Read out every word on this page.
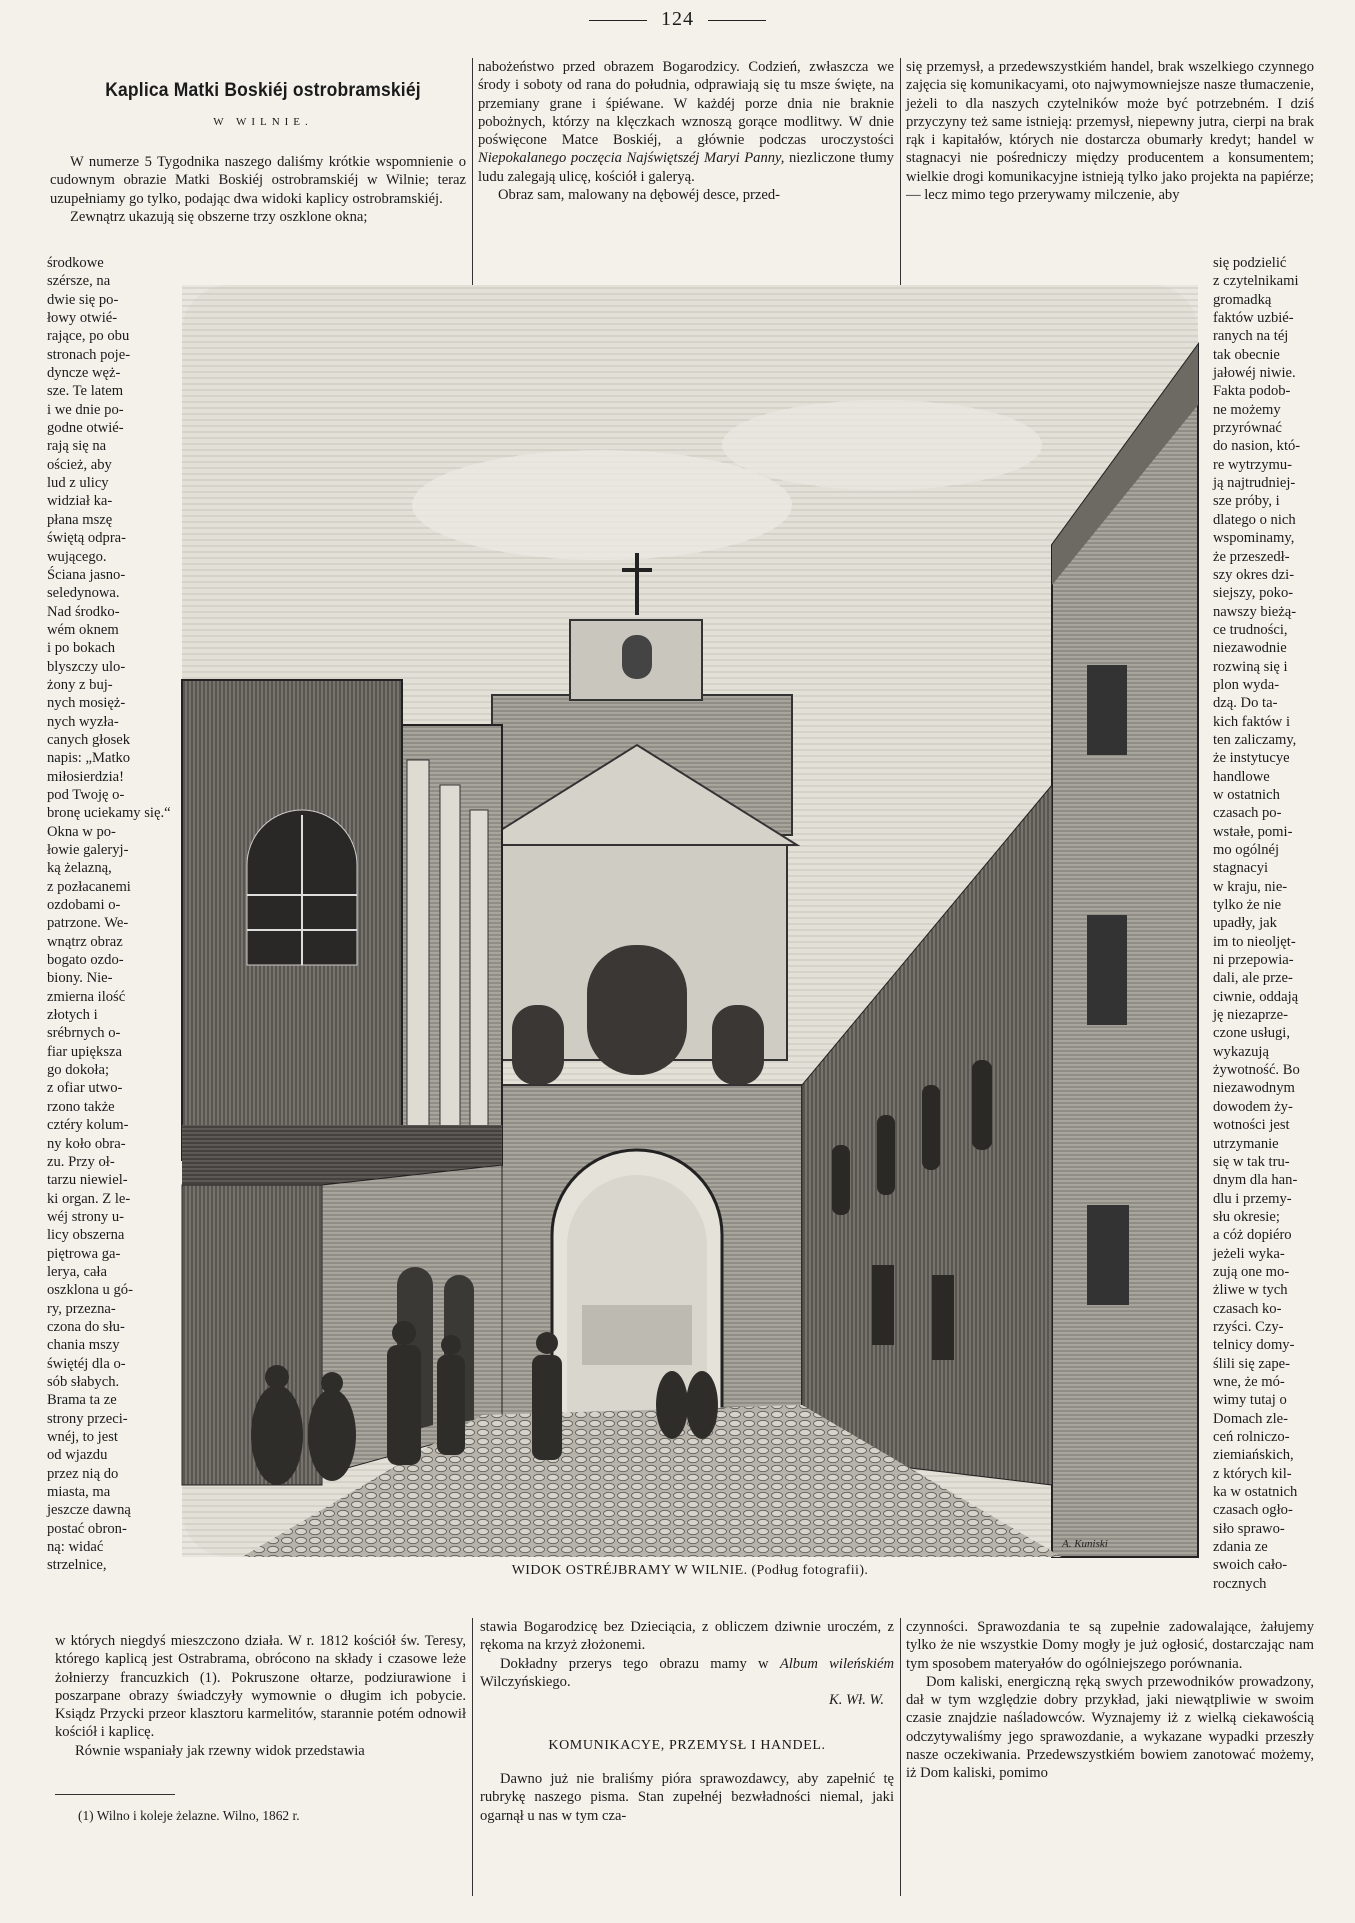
124
Kaplica Matki Boskiéj ostrobramskiéj
W WILNIE.

W numerze 5 Tygodnika naszego daliśmy krótkie wspomnienie o cudownym obrazie Matki Boskiéj ostrobramskiéj w Wilnie; teraz uzupełniamy go tylko, podając dwa widoki kaplicy ostrobramskiéj.

Zewnątrz ukazują się obszerne trzy oszklone okna;

środkowe
szérsze, na
dwie się po-
łowy otwié-
rające, po obu
stronach poje-
dyncze węż-
sze. Te latem
i we dnie po-
godne otwié-
rają się na
oścież, aby
lud z ulicy
widział ka-
płana mszę
świętą odpra-
wującego.
Ściana jasno-
seledynowa.
Nad środko-
wém oknem
i po bokach
blyszczy ulo-
żony z buj-
nych mosięż-
nych wyzła-
canych głosek
napis: „Matko
miłosierdzia!
pod Twoję o-
bronę uciekamy się.“
Okna w po-
łowie galeryj-
ką żelazną,
z pozłacanemi
ozdobami o-
patrzone. We-
wnątrz obraz
bogato ozdo-
biony. Nie-
zmierna ilość
złotych i
srébrnych o-
fiar upiększa
go dokoła;
z ofiar utwo-
rzono także
cztéry kolum-
ny koło obra-
zu. Przy oł-
tarzu niewiel-
ki organ. Z le-
wéj strony u-
licy obszerna
piętrowa ga-
lerya, cała
oszklona u gó-
ry, przezna-
czona do słu-
chania mszy
świętéj dla o-
sób słabych.
Brama ta ze
strony przeci-
wnéj, to jest
od wjazdu
przez nią do
miasta, ma
jeszcze dawną
postać obron-
ną: widać
strzelnice,

nabożeństwo przed obrazem Bogarodzicy. Codzień, zwłaszcza we środy i soboty od rana do południa, odprawiają się tu msze święte, na przemiany grane i śpiéwane. W każdéj porze dnia nie braknie pobożnych, którzy na klęczkach wznoszą gorące modlitwy. W dnie poświęcone Matce Boskiéj, a głównie podczas uroczystości Niepokalanego poczęcia Najświętszéj Maryi Panny, niezliczone tłumy ludu zalegają ulicę, kościół i galeryą.

Obraz sam, malowany na dębowéj desce, przed-

się przemysł, a przedewszystkiém handel, brak wszelkiego czynnego zajęcia się komunikacyami, oto najwymowniejsze nasze tłumaczenie, jeżeli to dla naszych czytelników może być potrzebném. I dziś przyczyny też same istnieją: przemysł, niepewny jutra, cierpi na brak rąk i kapitałów, których nie dostarcza obumarły kredyt; handel w stagnacyi nie pośredniczy między producentem a konsumentem; wielkie drogi komunikacyjne istnieją tylko jako projekta na papiérze; — lecz mimo tego przerywamy milczenie, aby

się podzielić
z czytelnikami
gromadką
faktów uzbié-
ranych na téj
tak obecnie
jałowéj niwie.
Fakta podob-
ne możemy
przyrównać
do nasion, któ-
re wytrzymu-
ją najtrudniej-
sze próby, i
dlatego o nich
wspominamy,
że przeszedł-
szy okres dzi-
siejszy, poko-
nawszy bieżą-
ce trudności,
niezawodnie
rozwiną się i
plon wyda-
dzą. Do ta-
kich faktów i
ten zaliczamy,
że instytucye
handlowe
w ostatnich
czasach po-
wstałe, pomi-
mo ogólnéj
stagnacyi
w kraju, nie-
tylko że nie
upadły, jak
im to nieoljęt-
ni przepowia-
dali, ale prze-
ciwnie, oddają
ję niezaprze-
czone usługi,
wykazują
żywotność. Bo
niezawodnym
dowodem ży-
wotności jest
utrzymanie
się w tak tru-
dnym dla han-
dlu i przemy-
słu okresie;
a cóż dopiéro
jeżeli wyka-
zują one mo-
żliwe w tych
czasach ko-
rzyści. Czy-
telnicy domy-
ślili się zape-
wne, że mó-
wimy tutaj o
Domach zle-
ceń rolniczo-
ziemiańskich,
z których kil-
ka w ostatnich
czasach ogło-
siło sprawo-
zdania ze
swoich cało-
rocznych
A. Kuniski
WIDOK OSTRÉJBRAMY W WILNIE. (Podług fotografii).

w których niegdyś mieszczono działa. W r. 1812 kościół św. Teresy, którego kaplicą jest Ostrabrama, obrócono na składy i czasowe leże żołnierzy francuzkich (1). Pokruszone ołtarze, podziurawione i poszarpane obrazy świadczyły wymownie o długim ich pobycie. Ksiądz Przycki przeor klasztoru karmelitów, starannie potém odnowił kościół i kaplicę.

Równie wspaniały jak rzewny widok przedstawia

(1) Wilno i koleje żelazne. Wilno, 1862 r.

stawia Bogarodzicę bez Dzieciącia, z obliczem dziwnie uroczém, z rękoma na krzyż złożonemi.

Dokładny przerys tego obrazu mamy w Album wileńskiém Wilczyńskiego.

K. Wł. W.
KOMUNIKACYE, PRZEMYSŁ I HANDEL.

Dawno już nie braliśmy pióra sprawozdawcy, aby zapełnić tę rubrykę naszego pisma. Stan zupełnéj bezwładności niemal, jaki ogarnął u nas w tym cza-

czynności. Sprawozdania te są zupełnie zadowalające, żałujemy tylko że nie wszystkie Domy mogły je już ogłosić, dostarczając nam tym sposobem materyałów do ogólniejszego porównania.

Dom kaliski, energiczną ręką swych przewodników prowadzony, dał w tym względzie dobry przykład, jaki niewątpliwie w swoim czasie znajdzie naśladowców. Wyznajemy iż z wielką ciekawością odczytywaliśmy jego sprawozdanie, a wykazane wypadki przeszły nasze oczekiwania. Przedewszystkiém bowiem zanotować możemy, iż Dom kaliski, pomimo
